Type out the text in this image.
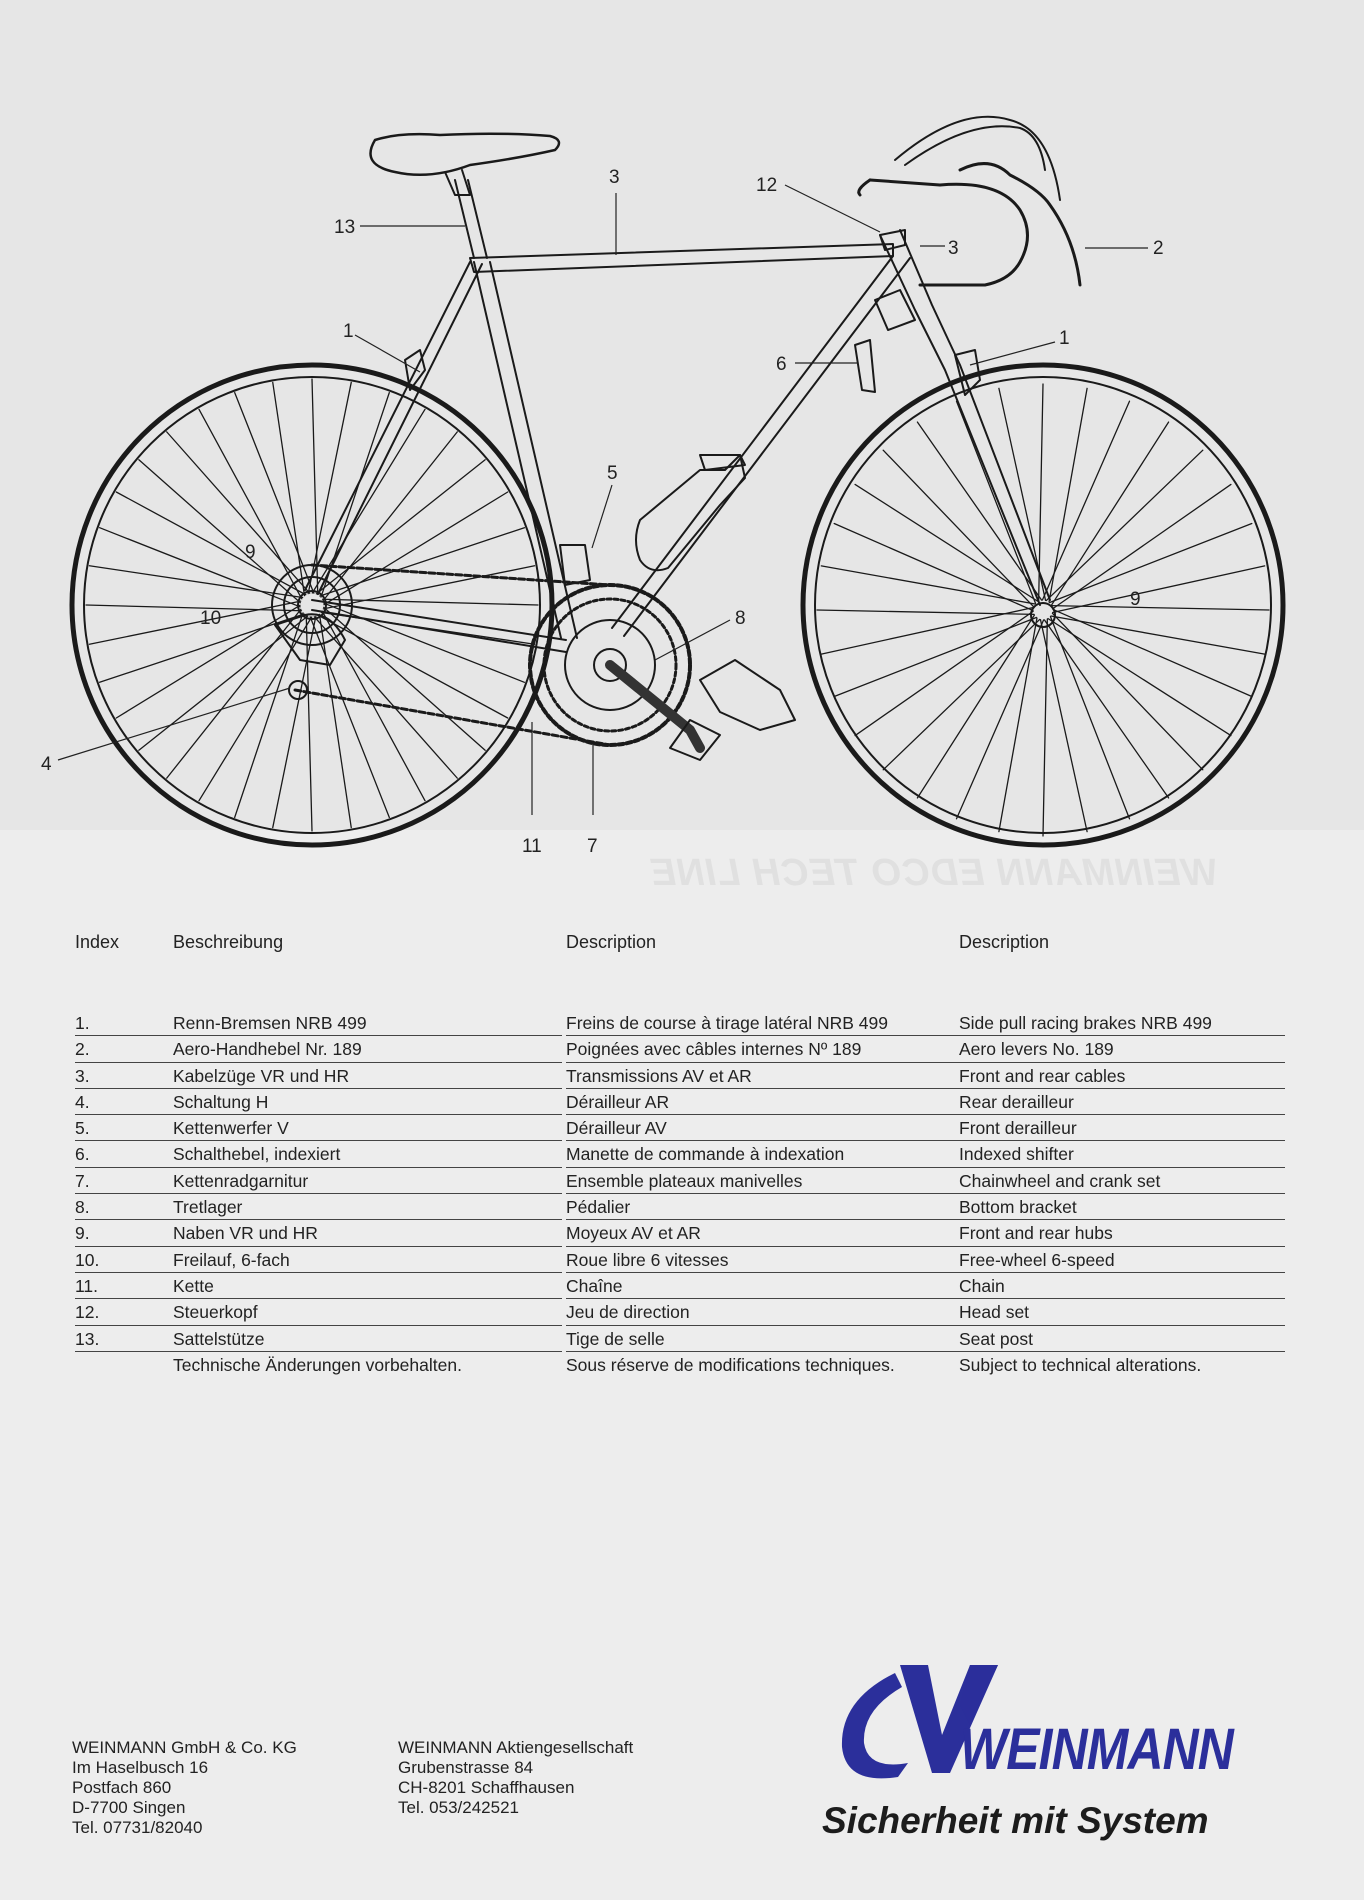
13
3	12
3	2
1	1
6
5
9
9
10	8
4
11 7
WEINMANN EDCO TECH LINE
Index	Beschreibung	Description	Description
1.	Renn-Bremsen NRB 499	Freins de course à tirage latéral NRB 499	Side pull racing brakes NRB 499
2.	Aero-Handhebel Nr. 189	Poignées avec câbles internes Nº 189	Aero levers No. 189
3.	Kabelzüge VR und HR	Transmissions AV et AR	Front and rear cables
4.	Schaltung H	Dérailleur AR	Rear derailleur
5.	Kettenwerfer V	Dérailleur AV	Front derailleur
6.	Schalthebel, indexiert	Manette de commande à indexation	Indexed shifter
7.	Kettenradgarnitur	Ensemble plateaux manivelles	Chainwheel and crank set
8.	Tretlager	Pédalier	Bottom bracket
9.	Naben VR und HR	Moyeux AV et AR	Front and rear hubs
10.	Freilauf, 6-fach	Roue libre 6 vitesses	Free-wheel 6-speed
11.	Kette	Chaîne	Chain
12.	Steuerkopf	Jeu de direction	Head set
13.	Sattelstütze	Tige de selle	Seat post
Technische Änderungen vorbehalten.	Sous réserve de modifications techniques.	Subject to technical alterations.
WEINMANN GmbH & Co. KG
Im Haselbusch 16
Postfach 860
D-7700 Singen
Tel. 07731/82040
WEINMANN Aktiengesellschaft
Grubenstrasse 84
CH-8201 Schaffhausen
Tel. 053/242521
WEINMANN
Sicherheit mit System
